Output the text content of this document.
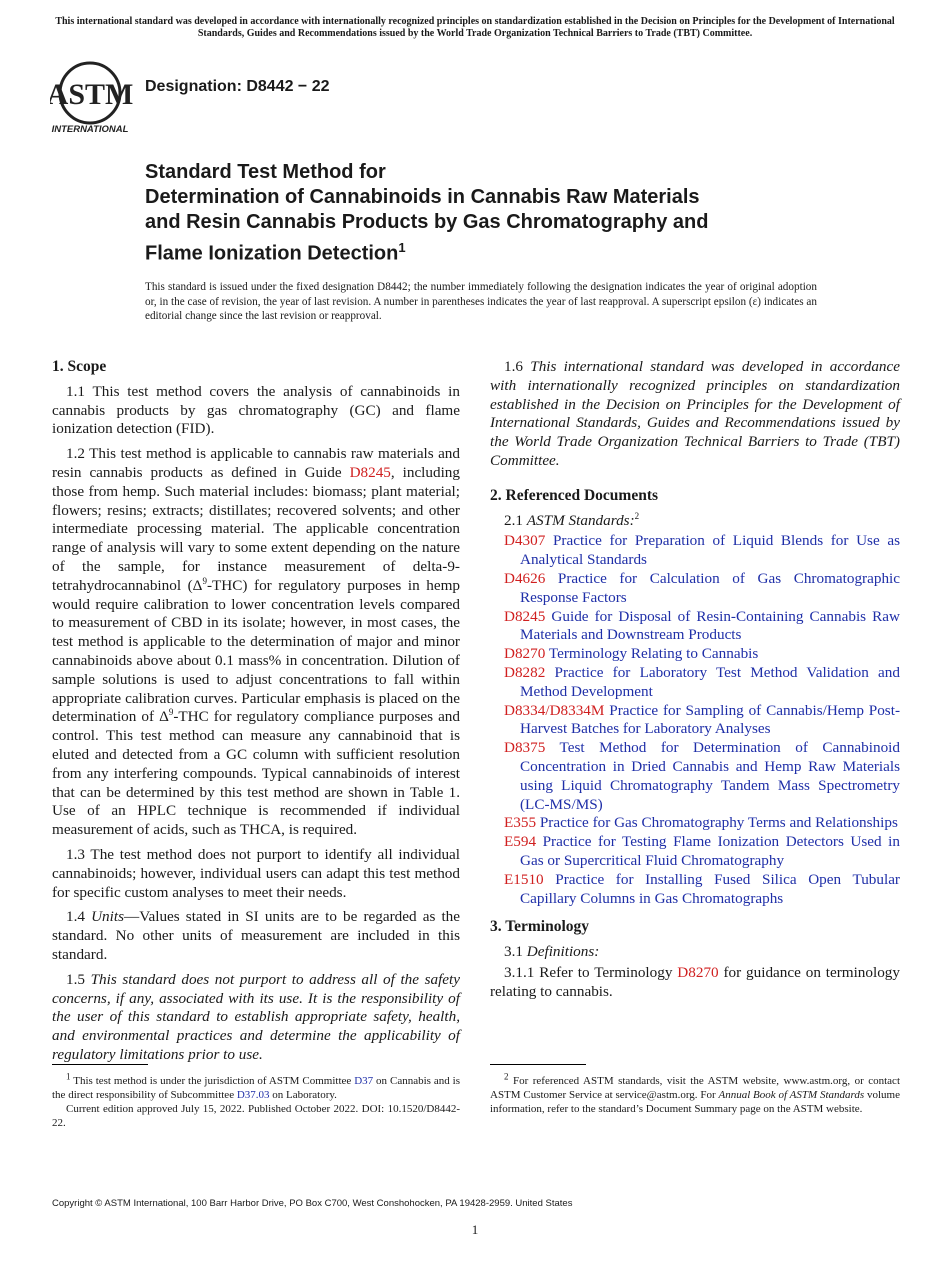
This international standard was developed in accordance with internationally recognized principles on standardization established in the Decision on Principles for the Development of International Standards, Guides and Recommendations issued by the World Trade Organization Technical Barriers to Trade (TBT) Committee.
ASTM
INTERNATIONAL
Designation: D8442 − 22
Standard Test Method for
Determination of Cannabinoids in Cannabis Raw Materials
and Resin Cannabis Products by Gas Chromatography and
Flame Ionization Detection$^1$
This standard is issued under the fixed designation D8442; the number immediately following the designation indicates the year of original adoption or, in the case of revision, the year of last revision. A number in parentheses indicates the year of last reapproval. A superscript epsilon (ε) indicates an editorial change since the last revision or reapproval.
1. Scope

1.1 This test method covers the analysis of cannabinoids in cannabis products by gas chromatography (GC) and flame ionization detection (FID).

1.2 This test method is applicable to cannabis raw materials and resin cannabis products as defined in Guide D8245, including those from hemp. Such material includes: biomass; plant material; flowers; resins; extracts; distillates; recovered solvents; and other intermediate processing material. The applicable concentration range of analysis will vary to some extent depending on the nature of the sample, for instance measurement of delta-9-tetrahydrocannabinol $(\Delta^9-THC)$ for regulatory purposes in hemp would require calibration to lower concentration levels compared to measurement of CBD in its isolate; however, in most cases, the test method is applicable to the determination of major and minor cannabinoids above about 0.1 mass% in concentration. Dilution of sample solutions is used to adjust concentrations to fall within appropriate calibration curves. Particular emphasis is placed on the determination of $\Delta^9$-THC for regulatory compliance purposes and control. This test method can measure any cannabinoid that is eluted and detected from a GC column with sufficient resolution from any interfering compounds. Typical cannabinoids of interest that can be determined by this test method are shown in Table 1. Use of an HPLC technique is recommended if individual measurement of acids, such as THCA, is required.

1.3 The test method does not purport to identify all individual cannabinoids; however, individual users can adapt this test method for specific custom analyses to meet their needs.

1.4 Units—Values stated in SI units are to be regarded as the standard. No other units of measurement are included in this standard.

1.5 This standard does not purport to address all of the safety concerns, if any, associated with its use. It is the responsibility of the user of this standard to establish appropriate safety, health, and environmental practices and determine the applicability of regulatory limitations prior to use.

1.6 This international standard was developed in accordance with internationally recognized principles on standardization established in the Decision on Principles for the Development of International Standards, Guides and Recommendations issued by the World Trade Organization Technical Barriers to Trade (TBT) Committee.

2. Referenced Documents
2.1 ASTM Standards:$^2$
D4307 Practice for Preparation of Liquid Blends for Use as Analytical Standards
D4626 Practice for Calculation of Gas Chromatographic Response Factors
D8245 Guide for Disposal of Resin-Containing Cannabis Raw Materials and Downstream Products
D8270 Terminology Relating to Cannabis
D8282 Practice for Laboratory Test Method Validation and Method Development
D8334/D8334M Practice for Sampling of Cannabis/Hemp Post-Harvest Batches for Laboratory Analyses
D8375 Test Method for Determination of Cannabinoid Concentration in Dried Cannabis and Hemp Raw Materials using Liquid Chromatography Tandem Mass Spectrometry (LC-MS/MS)
E355 Practice for Gas Chromatography Terms and Relationships
E594 Practice for Testing Flame Ionization Detectors Used in Gas or Supercritical Fluid Chromatography
E1510 Practice for Installing Fused Silica Open Tubular Capillary Columns in Gas Chromatographs
3. Terminology
3.1 Definitions:

3.1.1 Refer to Terminology D8270 for guidance on terminology relating to cannabis.

$^1$ This test method is under the jurisdiction of ASTM Committee D37 on Cannabis and is the direct responsibility of Subcommittee D37.03 on Laboratory.
Current edition approved July 15, 2022. Published October 2022. DOI: 10.1520/D8442-22.
$^2$ For referenced ASTM standards, visit the ASTM website, www.astm.org, or contact ASTM Customer Service at service@astm.org. For Annual Book of ASTM Standards volume information, refer to the standard’s Document Summary page on the ASTM website.
Copyright © ASTM International, 100 Barr Harbor Drive, PO Box C700, West Conshohocken, PA 19428-2959. United States
1
